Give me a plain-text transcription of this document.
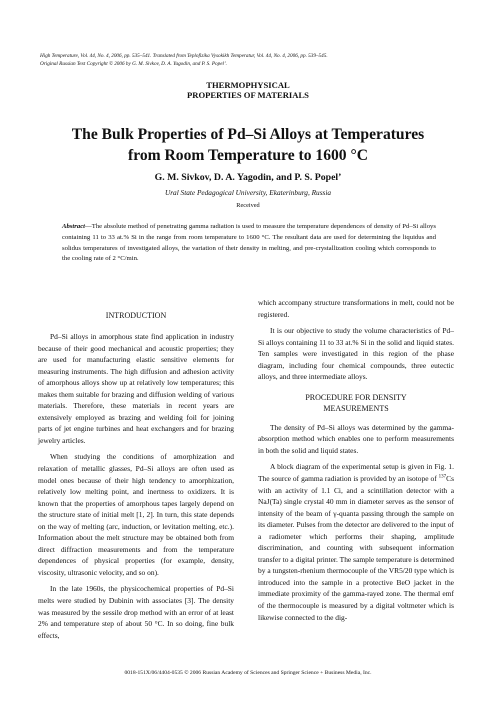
High Temperature, Vol. 44, No. 4, 2006, pp. 535–541. Translated from Teplofizika Vysokikh Temperatur, Vol. 44, No. 4, 2006, pp. 539–545.
Original Russian Text Copyright © 2006 by G. M. Sivkov, D. A. Yagodin, and P. S. Popel’.
THERMOPHYSICAL
PROPERTIES OF MATERIALS
The Bulk Properties of Pd–Si Alloys at Temperatures
from Room Temperature to 1600 °C
G. M. Sivkov, D. A. Yagodin, and P. S. Popel’
Ural State Pedagogical University, Ekaterinburg, Russia
Received
Abstract—The absolute method of penetrating gamma radiation is used to measure the temperature dependences of density of Pd–Si alloys containing 11 to 33 at.% Si in the range from room temperature to 1600 °C. The resultant data are used for determining the liquidus and solidus temperatures of investigated alloys, the variation of their density in melting, and pre-crystallization cooling which corresponds to the cooling rate of 2 °C/min.
INTRODUCTION

Pd–Si alloys in amorphous state find application in industry because of their good mechanical and acoustic properties; they are used for manufacturing elastic sensitive elements for measuring instruments. The high diffusion and adhesion activity of amorphous alloys show up at relatively low temperatures; this makes them suitable for brazing and diffusion welding of various materials. Therefore, these materials in recent years are extensively employed as brazing and welding foil for joining parts of jet engine turbines and heat exchangers and for brazing jewelry articles.

When studying the conditions of amorphization and relaxation of metallic glasses, Pd–Si alloys are often used as model ones because of their high tendency to amorphization, relatively low melting point, and inertness to oxidizers. It is known that the properties of amorphous tapes largely depend on the structure state of initial melt [1, 2]. In turn, this state depends on the way of melting (arc, induction, or levitation melting, etc.). Information about the melt structure may be obtained both from direct diffraction measurements and from the temperature dependences of physical properties (for example, density, viscosity, ultrasonic velocity, and so on).

In the late 1960s, the physicochemical properties of Pd–Si melts were studied by Dubinin with associates [3]. The density was measured by the sessile drop method with an error of at least 2% and temperature step of about 50 °C. In so doing, fine bulk effects,

which accompany structure transformations in melt, could not be registered.

It is our objective to study the volume characteristics of Pd–Si alloys containing 11 to 33 at.% Si in the solid and liquid states. Ten samples were investigated in this region of the phase diagram, including four chemical compounds, three eutectic alloys, and three intermediate alloys.

PROCEDURE FOR DENSITY
MEASUREMENTS

The density of Pd–Si alloys was determined by the gamma-absorption method which enables one to perform measurements in both the solid and liquid states.

A block diagram of the experimental setup is given in Fig. 1. The source of gamma radiation is provided by an isotope of $^{137}$Cs with an activity of 1.1 Ci, and a scintillation detector with a NaJ(Ta) single crystal 40 mm in diameter serves as the sensor of intensity of the beam of γ-quanta passing through the sample on its diameter. Pulses from the detector are delivered to the input of a radiometer which performs their shaping, amplitude discrimination, and counting with subsequent information transfer to a digital printer. The sample temperature is determined by a tungsten-rhenium thermocouple of the VR5/20 type which is introduced into the sample in a protective BeO jacket in the immediate proximity of the gamma-rayed zone. The thermal emf of the thermocouple is measured by a digital voltmeter which is likewise connected to the dig-

0018-151X/06/4404-0535 © 2006 Russian Academy of Sciences and Springer Science + Business Media, Inc.
